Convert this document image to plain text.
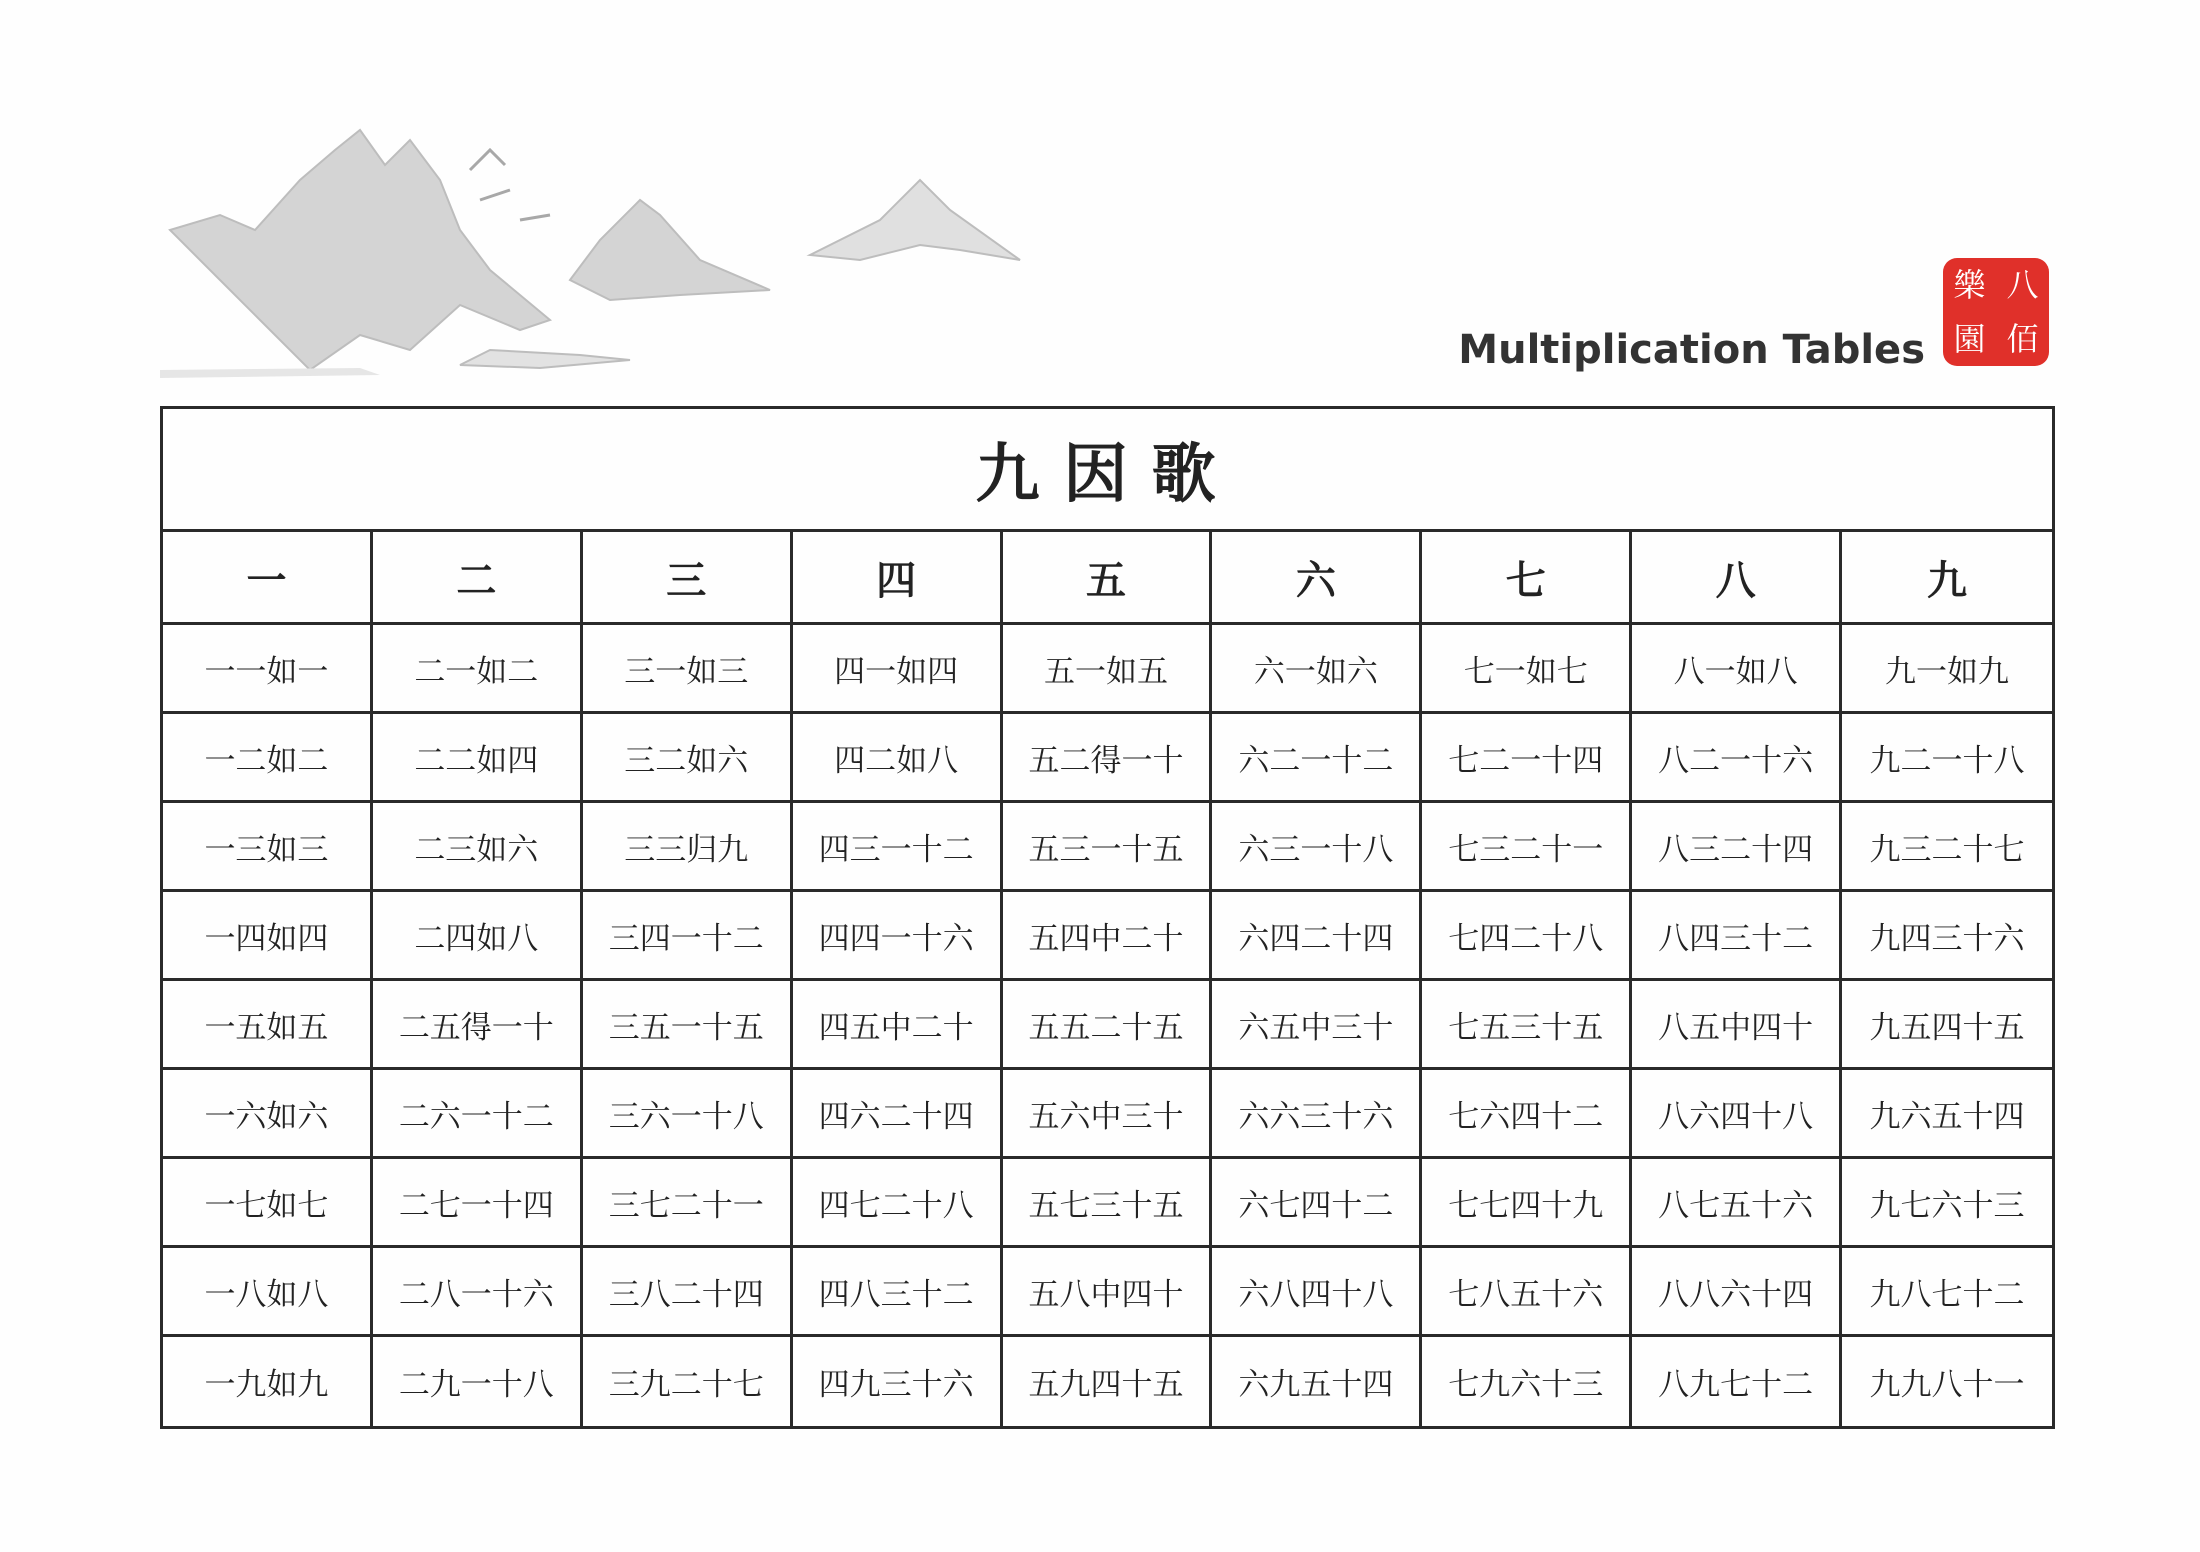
Multiplication Tables
八
佰
樂
園
九因歌
一	二	三	四	五	六	七	八	九
一一如一	二一如二	三一如三	四一如四	五一如五	六一如六	七一如七	八一如八	九一如九
一二如二	二二如四	三二如六	四二如八	五二得一十	六二一十二	七二一十四	八二一十六	九二一十八
一三如三	二三如六	三三归九	四三一十二	五三一十五	六三一十八	七三二十一	八三二十四	九三二十七
一四如四	二四如八	三四一十二	四四一十六	五四中二十	六四二十四	七四二十八	八四三十二	九四三十六
一五如五	二五得一十	三五一十五	四五中二十	五五二十五	六五中三十	七五三十五	八五中四十	九五四十五
一六如六	二六一十二	三六一十八	四六二十四	五六中三十	六六三十六	七六四十二	八六四十八	九六五十四
一七如七	二七一十四	三七二十一	四七二十八	五七三十五	六七四十二	七七四十九	八七五十六	九七六十三
一八如八	二八一十六	三八二十四	四八三十二	五八中四十	六八四十八	七八五十六	八八六十四	九八七十二
一九如九	二九一十八	三九二十七	四九三十六	五九四十五	六九五十四	七九六十三	八九七十二	九九八十一
